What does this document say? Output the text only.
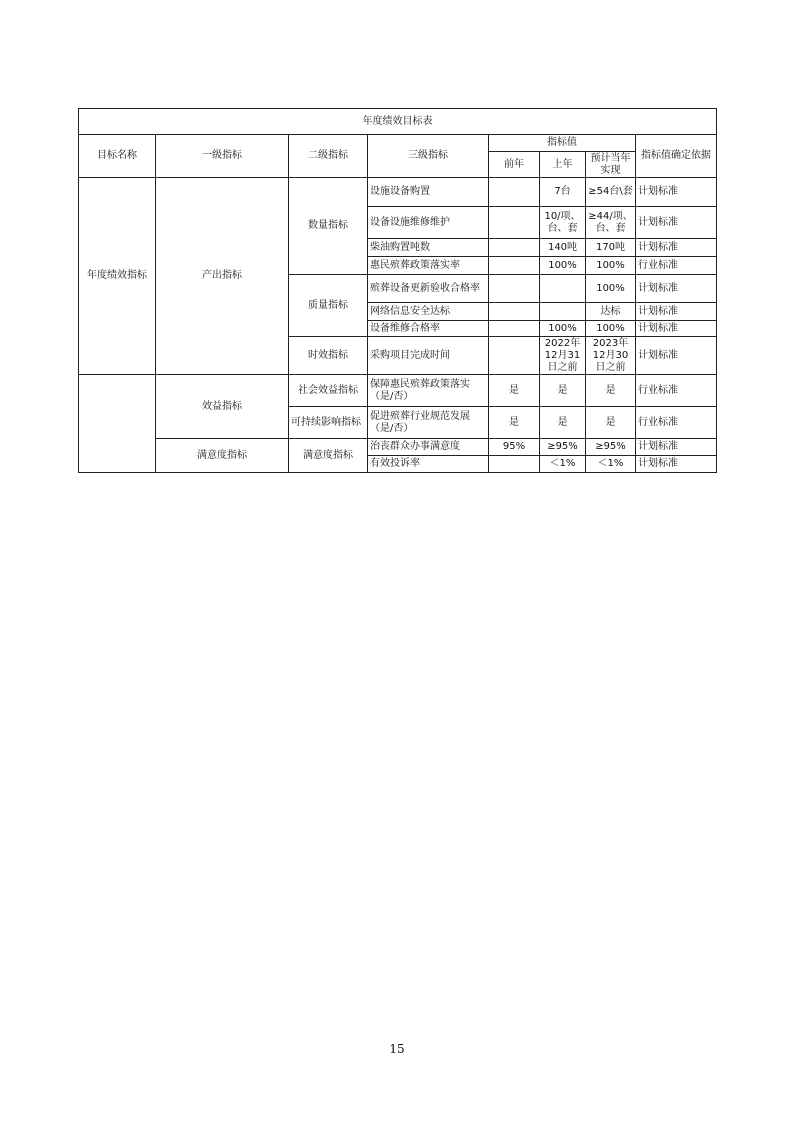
年度绩效目标表							
目标名称	一级指标	二级指标	三级指标	指标值			指标值确定依据
				前年	上年	预计当年实现	
年度绩效指标	产出指标	数量指标	设施设备购置		7台	≥54台\套	计划标准
			设备设施维修维护		10/项、台、套	≥44/项、台、套	计划标准
			柴油购置吨数		140吨	170吨	计划标准
			惠民殡葬政策落实率		100%	100%	行业标准
		质量指标	殡葬设备更新验收合格率			100%	计划标准
			网络信息安全达标			达标	计划标准
			设备维修合格率		100%	100%	计划标准
		时效指标	采购项目完成时间		2022年12月31日之前	2023年12月30日之前	计划标准
	效益指标	社会效益指标	保障惠民殡葬政策落实（是/否）	是	是	是	行业标准
		可持续影响指标	促进殡葬行业规范发展（是/否）	是	是	是	行业标准
	满意度指标	满意度指标	治丧群众办事满意度	95%	≥95%	≥95%	计划标准
			有效投诉率		＜1%	＜1%	计划标准
15
